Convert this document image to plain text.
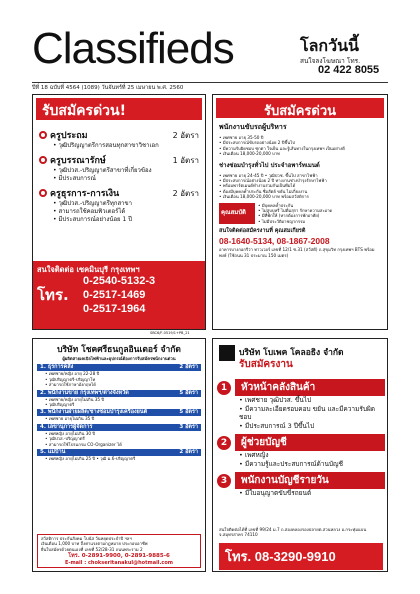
Classifieds	โลกวันนี้
สนใจลงโฆษณา โทร.
02 422 8055
ปีที่ 18 ฉบับที่ 4564 (1089) วันจันทร์ที่ 25 เมษายน พ.ศ. 2560
รับสมัครด่วน!
ครูประถม	2 อัตรา
• วุฒิปริญญาตรีการสอนทุกสาขาวิชาเอก
ครูบรรณารักษ์	1 อัตรา
• วุฒิปวส.-ปริญญาตรีสาขาที่เกี่ยวข้อง
• มีประสบการณ์
ครูธุรการ-การเงิน	2 อัตรา
• วุฒิปวส.-ปริญญาตรีทุกสาขา
• สามารถใช้คอมพิวเตอร์ได้
• มีประสบการณ์อย่างน้อย 1 ปี
สนใจติดต่อ เซคมินบุรี กรุงเทพฯ
โทร.
0-2540-5132-3
0-2517-1469
0-2517-1964
SBC6/F-0519/1+PB_21
รับสมัครด่วน
พนักงานขับรถผู้บริหาร
• เพศชาย อายุ 35-50 ปี
• มีประสบการณ์ขับรถอย่างน้อย 2 ปีขึ้นไป
• มีความรับผิดชอบ ซุกตา ใจเย็น และรู้เส้นทางในกรุงเทพฯ เป็นอย่างดี
• เงินเดือน 18,000-20,000 บาท
ช่างซ่อมบำรุงทั่วไป ประจำอพาร์ทเมนต์
• เพศชาย อายุ 24-45 ปี • วุฒิปวช. ขึ้นไป สาขาไฟฟ้า
• มีประสบการณ์อย่างน้อย 2 ปี ทางงานช่างบำรุงรักษาไฟฟ้า
• พร้อมพาร์ตเมนต์ทำงานร่วมกันเป็นทีมได้
• ต้องมีบุคคลค้ำประกัน ซื่อสัตย์ ขยัน ไม่เกี่ยงงาน
• เงินเดือน 18,000-20,000 บาท พร้อมสวัสดิการ
คุณสมบัติ
• มีบุคคลค้ำประกัน
• ไม่สูบบุหรี่ ไม่ดื่มสุรา รักษาความสะอาด
• มีที่พักให้ (หากต้องการพักอาศัย)
• ไม่มีประวัติอาชญากรรม
สนใจติดต่อสมัครงานที่ คุณสมเกียรติ
08-1640-5134, 08-1867-2008
อาคารบางกอกรีว่า ทาวเวอร์ เลขที่ 12/1 ซ.31 (สวัสดี) ถ.สุขุมวิท กรุงเทพฯ BTS พร้อมพงษ์ (ใช้ถนน 31 ประมาณ 150 เมตร)
บริษัท โชคศรีธนกูลอินเตอร์ จำกัด
ผู้ผลิตสายเคเบิลไฟฟ้าและอุปกรณ์ต้องการรับสมัครพนักงานด่วน
1. ธุรการคลัง	2 อัตรา
• เพศชาย/หญิง อายุ 22-28 ปี
• วุฒิปริญญาตรี-ปริญญาโท
• สามารถใช้ภาษาอังกฤษได้
2. พนักงานขาย กรุงเทพฯ/ต่างจังหวัด	5 อัตรา
• เพศชาย/หญิง อายุไม่เกิน 35 ปี
• วุฒิปริญญาตรี
3. พนักงานฝ่ายผลิต/ช่างซ่อมบำรุงเครื่องยนต์	5 อัตรา
• เพศชาย อายุไม่เกิน 35 ปี
4. เลขานุการผู้จัดการ	3 อัตรา
• เพศหญิง อายุไม่เกิน 30 ปี
• วุฒิปวส.-ปริญญาตรี
• สามารถใช้โปรแกรม CO-Organizer ได้
5. แม่บ้าน	2 อัตรา
• เพศหญิง อายุไม่เกิน 25 ปี • วุฒิ ม.6-ปริญญาตรี
สวัสดิการ ประกันสังคม โบนัส วันหยุดประจำปี ฯลฯ
เงินเดือน 1,000 บาท ถึงค่าแรงตามกฎหมาย ประกอบอาชีพ
ยื่นใบสมัครด้วยตนเองที่ เลขที่ 52/28-31 ถนนพระราม 2
โทร. 0-2891-9900, 0-2891-9885-6
E-mail : chokseritanakul@hotmail.com
บริษัท โบเพค โคลอธิง จำกัด
รับสมัครงาน
1	หัวหน้าคลังสินค้า
• เพศชาย วุฒิปวส. ขึ้นไป
• มีความละเอียดรอบคอบ ขยัน และมีความรับผิดชอบ
• มีประสบการณ์ 3 ปีขึ้นไป
2	ผู้ช่วยบัญชี
• เพศหญิง
• มีความรู้และประสบการณ์ด้านบัญชี
3	พนักงานบัญชีรายวัน
• มีใบอนุญาตขับขี่รถยนต์
สนใจติดต่อได้ที่ เลขที่ 99/24 ม.7 ถ.สองคลองรองปลายต.สวนหลวง อ.กระทุ่มแบน จ.สมุทรสาคร 74110
โทร. 08-3290-9910
